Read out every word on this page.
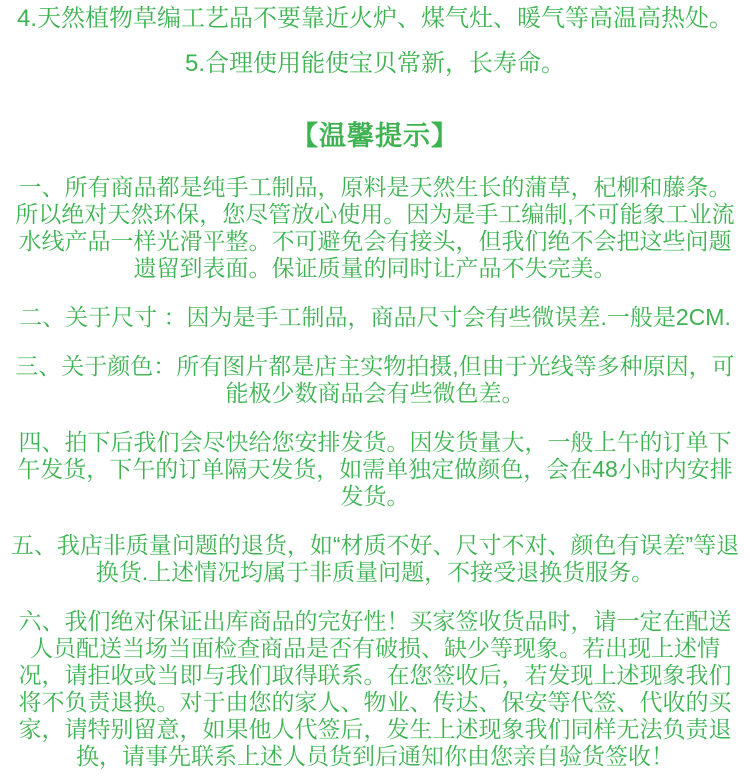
4.天然植物草编工艺品不要靠近火炉、煤气灶、暖气等高温高热处。

5.合理使用能使宝贝常新，长寿命。

【温馨提示】

一、所有商品都是纯手工制品，原料是天然生长的蒲草，杞柳和藤条。所以绝对天然环保，您尽管放心使用。因为是手工编制,不可能象工业流水线产品一样光滑平整。不可避免会有接头，但我们绝不会把这些问题遗留到表面。保证质量的同时让产品不失完美。

二、关于尺寸 ：因为是手工制品，商品尺寸会有些微误差.一般是2CM.

三、关于颜色：所有图片都是店主实物拍摄,但由于光线等多种原因，可能极少数商品会有些微色差。

四、拍下后我们会尽快给您安排发货。因发货量大，一般上午的订单下午发货，下午的订单隔天发货，如需单独定做颜色，会在48小时内安排发货。

五、我店非质量问题的退货，如“材质不好、尺寸不对、颜色有误差”等退换货.上述情况均属于非质量问题，不接受退换货服务。

六、我们绝对保证出库商品的完好性！买家签收货品时，请一定在配送人员配送当场当面检查商品是否有破损、缺少等现象。若出现上述情况，请拒收或当即与我们取得联系。在您签收后，若发现上述现象我们将不负责退换。对于由您的家人、物业、传达、保安等代签、代收的买家，请特别留意，如果他人代签后，发生上述现象我们同样无法负责退换，请事先联系上述人员货到后通知你由您亲自验货签收！
